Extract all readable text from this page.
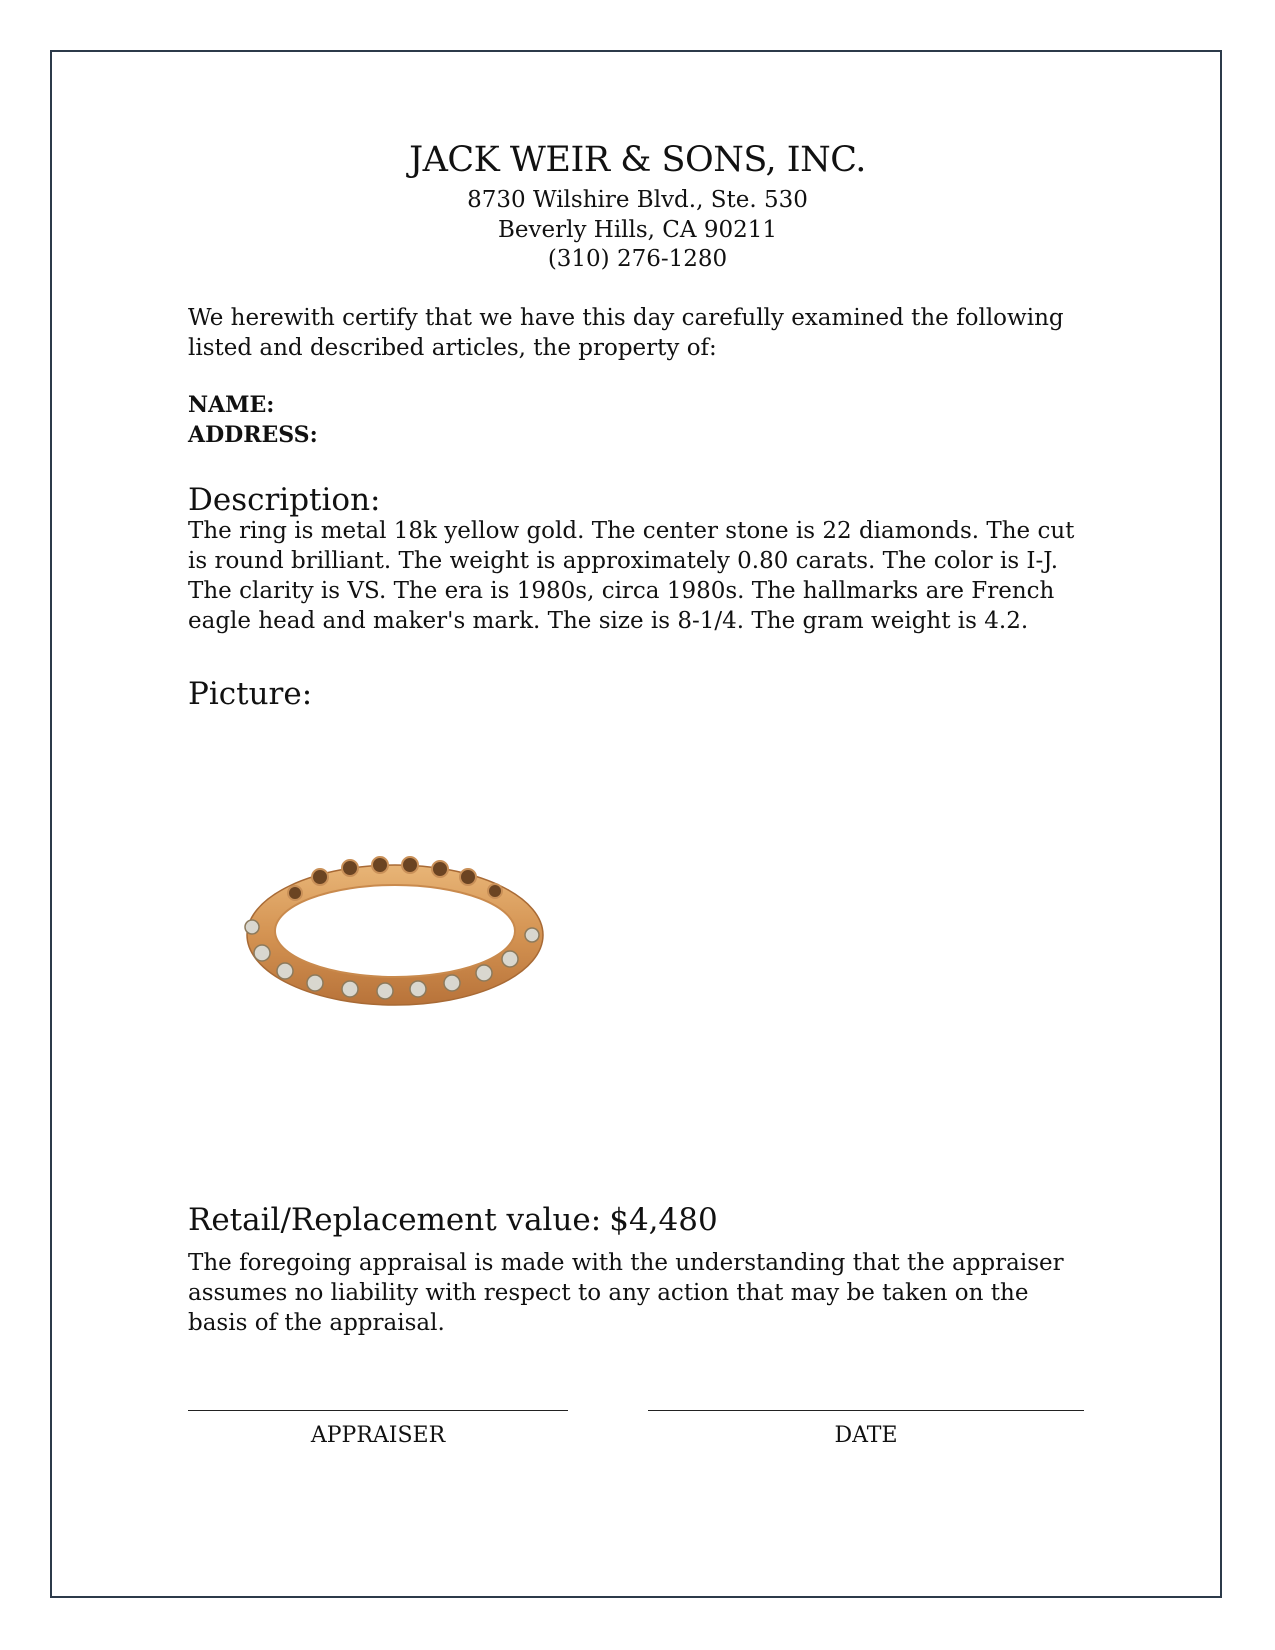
JACK WEIR & SONS, INC.
8730 Wilshire Blvd., Ste. 530
Beverly Hills, CA 90211
(310) 276-1280
We herewith certify that we have this day carefully examined the following listed and described articles, the property of:
NAME:
ADDRESS:
Description:
The ring is metal 18k yellow gold. The center stone is 22 diamonds. The cut is round brilliant. The weight is approximately 0.80 carats. The color is I-J. The clarity is VS. The era is 1980s, circa 1980s. The hallmarks are French eagle head and maker's mark. The size is 8-1/4. The gram weight is 4.2.
Picture:
Retail/Replacement value: $4,480
The foregoing appraisal is made with the understanding that the appraiser assumes no liability with respect to any action that may be taken on the basis of the appraisal.
APPRAISER	DATE
